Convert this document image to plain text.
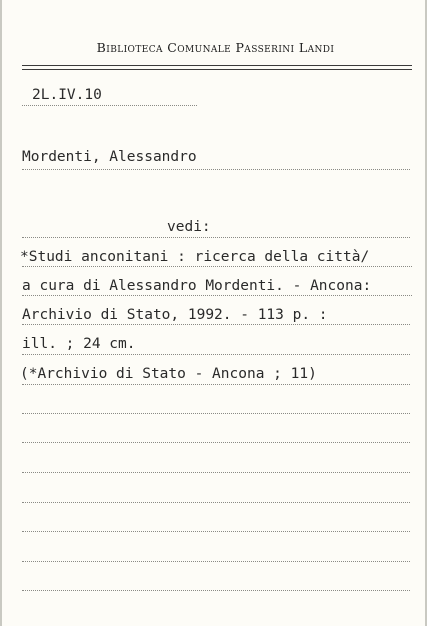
Biblioteca Comunale Passerini Landi
2L.IV.10
Mordenti, Alessandro
vedi:
*Studi anconitani : ricerca della città/
a cura di Alessandro Mordenti. - Ancona:
Archivio di Stato, 1992. - 113 p. :
ill. ; 24 cm.
(*Archivio di Stato - Ancona ; 11)
